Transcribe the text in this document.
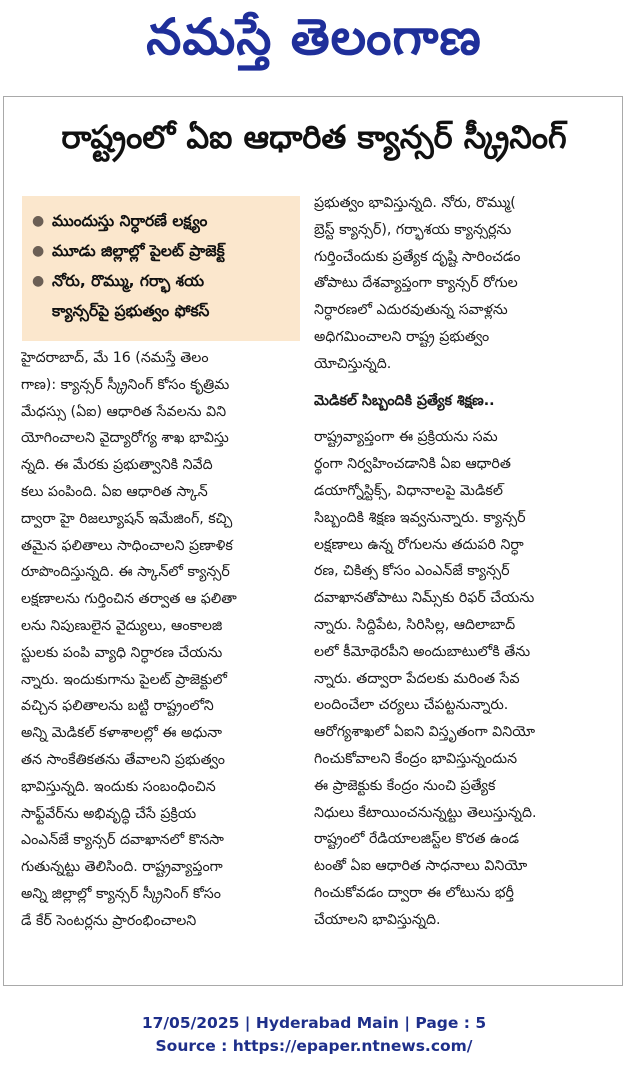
నమస్తే తెలంగాణ
రాష్ట్రంలో ఏఐ ఆధారిత క్యాన్సర్ స్క్రీనింగ్
● ముందుస్తు నిర్ధారణే లక్ష్యం
● మూడు జిల్లాల్లో పైలట్ ప్రాజెక్ట్
● నోరు, రొమ్ము, గర్భా శయ
క్యాన్సర్‌పై ప్రభుత్వం ఫోకస్
హైదరాబాద్, మే 16 (నమస్తే తెలం
గాణ): క్యాన్సర్ స్క్రీనింగ్ కోసం కృత్రిమ
మేధస్సు (ఏఐ) ఆధారిత సేవలను విని
యోగించాలని వైద్యారోగ్య శాఖ భావిస్తు
న్నది. ఈ మేరకు ప్రభుత్వానికి నివేది
కలు పంపింది. ఏఐ ఆధారిత స్కాన్
ద్వారా హై రిజల్యూషన్ ఇమేజింగ్, కచ్చి
తమైన ఫలితాలు సాధించాలని ప్రణాళిక
రూపొందిస్తున్నది. ఈ స్కాన్‌లో క్యాన్సర్
లక్షణాలను గుర్తించిన తర్వాత ఆ ఫలితా
లను నిపుణులైన వైద్యులు, ఆంకాలజి
స్టులకు పంపి వ్యాధి నిర్ధారణ చేయను
న్నారు. ఇందుకుగాను పైలట్ ప్రాజెక్టులో
వచ్చిన ఫలితాలను బట్టి రాష్ట్రంలోని
అన్ని మెడికల్ కళాశాలల్లో ఈ అధునా
తన సాంకేతికతను తేవాలని ప్రభుత్వం
భావిస్తున్నది. ఇందుకు సంబంధించిన
సాఫ్ట్‌వేర్‌ను అభివృద్ధి చేసే ప్రక్రియ
ఎంఎన్‌జే క్యాన్సర్ దవాఖానలో కొనసా
గుతున్నట్టు తెలిసింది. రాష్ట్రవ్యాప్తంగా
అన్ని జిల్లాల్లో క్యాన్సర్ స్క్రీనింగ్ కోసం
డే కేర్ సెంటర్లను ప్రారంభించాలని
ప్రభుత్వం భావిస్తున్నది. నోరు, రొమ్ము(
బ్రెస్ట్ క్యాన్సర్), గర్భాశయ క్యాన్సర్లను
గుర్తించేందుకు ప్రత్యేక దృష్టి సారించడం
తోపాటు దేశవ్యాప్తంగా క్యాన్సర్ రోగుల
నిర్ధారణలో ఎదురవుతున్న సవాళ్లను
అధిగమించాలని రాష్ట్ర ప్రభుత్వం
యోచిస్తున్నది.
మెడికల్ సిబ్బందికి ప్రత్యేక శిక్షణ..
రాష్ట్రవ్యాప్తంగా ఈ ప్రక్రియను సమ
ర్థంగా నిర్వహించడానికి ఏఐ ఆధారిత
డయాగ్నోస్టిక్స్, విధానాలపై మెడికల్
సిబ్బందికి శిక్షణ ఇవ్వనున్నారు. క్యాన్సర్
లక్షణాలు ఉన్న రోగులను తదుపరి నిర్ధా
రణ, చికిత్స కోసం ఎంఎన్‌జే క్యాన్సర్
దవాఖానతోపాటు నిమ్స్‌కు రిఫర్ చేయను
న్నారు. సిద్దిపేట, సిరిసిల్ల, ఆదిలాబాద్
లలో కీమోథెరపీని అందుబాటులోకి తేను
న్నారు. తద్వారా పేదలకు మరింత సేవ
లందించేలా చర్యలు చేపట్టనున్నారు.
ఆరోగ్యశాఖలో ఏఐని విస్తృతంగా వినియో
గించుకోవాలని కేంద్రం భావిస్తున్నందున
ఈ ప్రాజెక్టుకు కేంద్రం నుంచి ప్రత్యేక
నిధులు కేటాయించనున్నట్టు తెలుస్తున్నది.
రాష్ట్రంలో రేడియాలజిస్ట్‌ల కొరత ఉండ
టంతో ఏఐ ఆధారిత సాధనాలు వినియో
గించుకోవడం ద్వారా ఈ లోటును భర్తీ
చేయాలని భావిస్తున్నది.
17/05/2025 | Hyderabad Main | Page : 5
Source : https://epaper.ntnews.com/
